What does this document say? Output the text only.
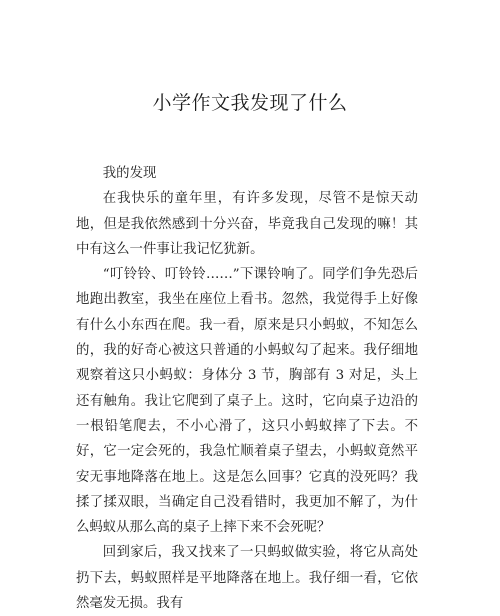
小学作文我发现了什么

我的发现

在我快乐的童年里，有许多发现，尽管不是惊天动地，但是我依然感到十分兴奋，毕竟我自己发现的嘛！其中有这么一件事让我记忆犹新。

“叮铃铃、叮铃铃……”下课铃响了。同学们争先恐后地跑出教室，我坐在座位上看书。忽然，我觉得手上好像有什么小东西在爬。我一看，原来是只小蚂蚁，不知怎么的，我的好奇心被这只普通的小蚂蚁勾了起来。我仔细地观察着这只小蚂蚁：身体分 3 节，胸部有 3 对足，头上还有触角。我让它爬到了桌子上。这时，它向桌子边沿的一根铅笔爬去，不小心滑了，这只小蚂蚁摔了下去。不好，它一定会死的，我急忙顺着桌子望去，小蚂蚁竟然平安无事地降落在地上。这是怎么回事？它真的没死吗？我揉了揉双眼，当确定自己没看错时，我更加不解了，为什么蚂蚁从那么高的桌子上摔下来不会死呢？

回到家后，我又找来了一只蚂蚁做实验，将它从高处扔下去，蚂蚁照样是平地降落在地上。我仔细一看，它依然毫发无损。我有
